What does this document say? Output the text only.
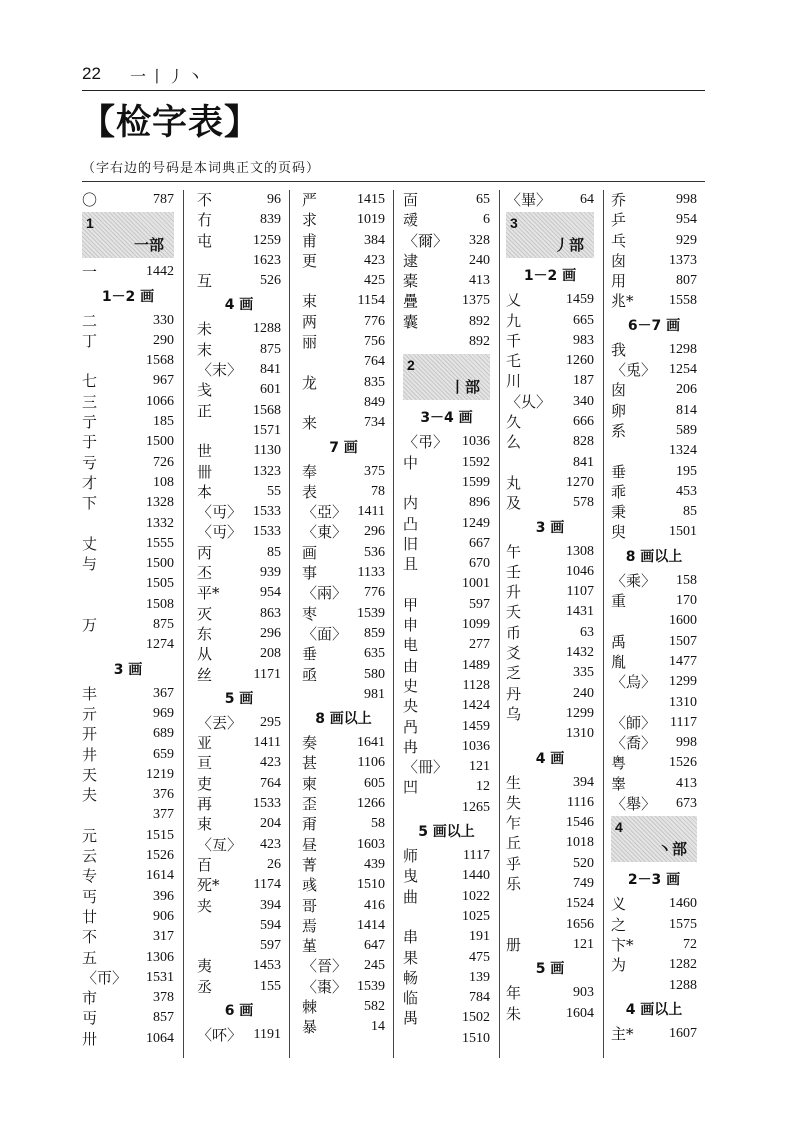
22 一丨丿丶
【检字表】
（字右边的号码是本词典正文的页码）
〇	787
1
一部
一	1442
1－2 画
二	330
丁	290
1568
七	967
三	1066
亍	185
于	1500
亏	726
才	108
下	1328
1332
丈	1555
与	1500
1505
1508
万	875
1274
3 画
丰	367
亓	969
开	689
井	659
天	1219
夫	376
377
元	1515
云	1526
专	1614
丐	396
廿	906
不	317
五	1306
〈帀〉 1531
市	378
丏	857
卅	1064
不	96
冇	839
屯	1259
1623
互	526
4 画
未	1288
末	875
〈末〉 841
戋	601
正	1568
1571
世	1130
卌	1323
本	55
〈丏〉 1533
〈丏〉 1533
丙	85
丕	939
平*	954
灭	863
东	296
从	208
丝	1171
5 画
〈丟〉 295
亚	1411
亘	423
吏	764
再	1533
束	204
〈亙〉 423
百	26
死* 1174
夹	394
594
597
夷	1453
丞	155
6 画
〈吥〉 1191
严	1415
求	1019
甫	384
更	423
425
束	1154
两	776
丽	756
764
龙	835
849
来	734
7 画
奉	375
表	78
〈亞〉 1411
〈東〉 296
画	536
事	1133
〈兩〉 776
枣	1539
〈面〉 859
垂	635
亟	580
981
8 画以上
奏	1641
甚	1106
柬	605
歪	1266
甭	58
昼	1603
菁	439
彧	1510
哥	416
焉	1414
堇	647
〈晉〉 245
〈棗〉 1539
棘	582
暴	14
靣	65
叆	6
〈爾〉 328
逮	240
橐	413
疊	1375
囊	892
892
2
丨部
3－4 画
〈弔〉 1036
中	1592
1599
内	896
凸	1249
旧	667
且	670
1001
甲	597
申	1099
电	277
由	1489
史	1128
央	1424
冎	1459
冉	1036
〈冊〉 121
凹	12
1265
5 画以上
师	1117
曳	1440
曲	1022
1025
串	191
果	475
畅	139
临	784
禺	1502
1510
〈畢〉 64
3
丿部
1－2 画
乂	1459
九	665
千	983
乇	1260
川	187
〈乆〉 340
久	666
么	828
841
丸	1270
及	578
3 画
午	1308
壬	1046
升	1107
夭	1431
币	63
爻	1432
乏	335
丹	240
乌	1299
1310
4 画
生	394
失	1116
乍	1546
丘	1018
乎	520
乐	749
1524
1656
册	121
5 画
年	903
朱	1604
乔	998
乒	954
乓	929
囱	1373
用	807
兆*	1558
6－7 画
我	1298
〈兎〉 1254
囱	206
卵	814
系	589
1324
垂	195
乖	453
秉	85
臾	1501
8 画以上
〈乘〉 158
重	170
1600
禹	1507
胤	1477
〈烏〉 1299
1310
〈師〉 1117
〈喬〉 998
粤	1526
睾	413
〈舉〉 673
4
丶部
2－3 画
义	1460
之	1575
卞*	72
为	1282
1288
4 画以上
主*	1607
